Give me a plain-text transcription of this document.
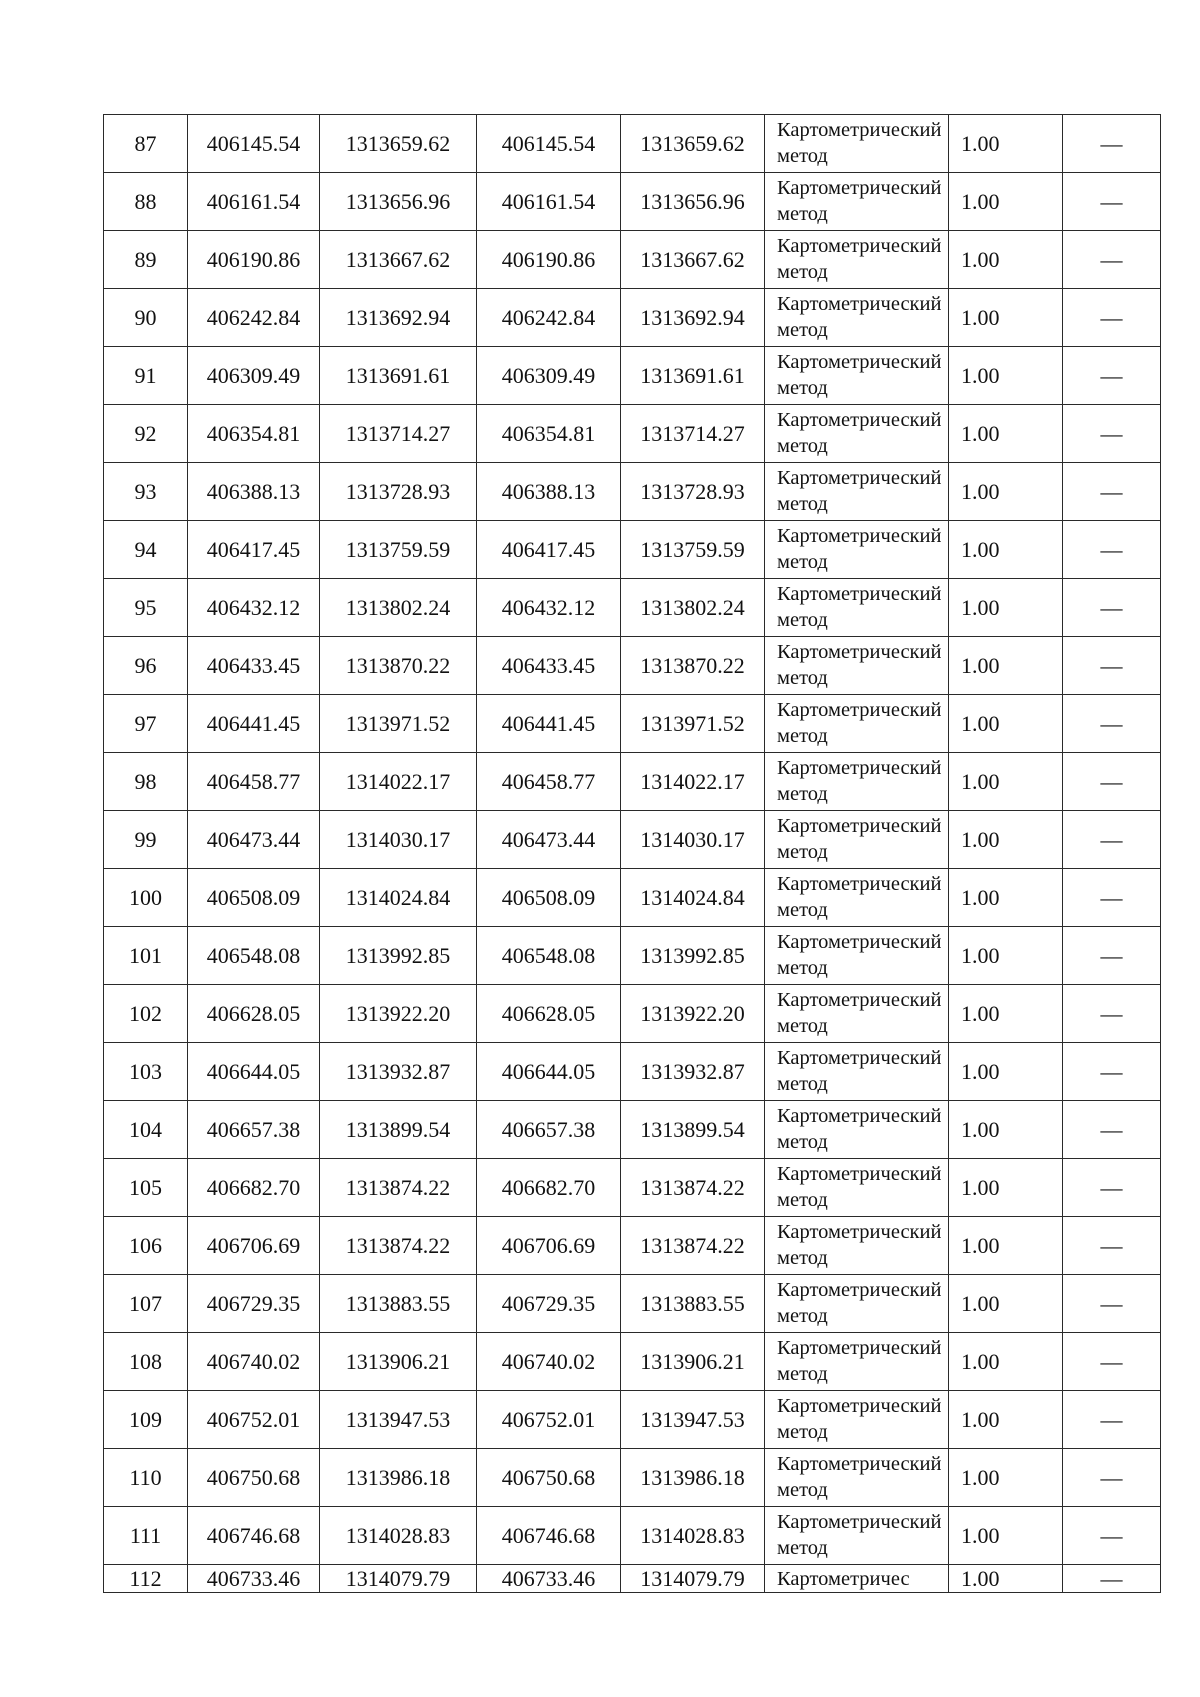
87	406145.54	1313659.62	406145.54	1313659.62	Картометрический метод	1.00	—
88	406161.54	1313656.96	406161.54	1313656.96	Картометрический метод	1.00	—
89	406190.86	1313667.62	406190.86	1313667.62	Картометрический метод	1.00	—
90	406242.84	1313692.94	406242.84	1313692.94	Картометрический метод	1.00	—
91	406309.49	1313691.61	406309.49	1313691.61	Картометрический метод	1.00	—
92	406354.81	1313714.27	406354.81	1313714.27	Картометрический метод	1.00	—
93	406388.13	1313728.93	406388.13	1313728.93	Картометрический метод	1.00	—
94	406417.45	1313759.59	406417.45	1313759.59	Картометрический метод	1.00	—
95	406432.12	1313802.24	406432.12	1313802.24	Картометрический метод	1.00	—
96	406433.45	1313870.22	406433.45	1313870.22	Картометрический метод	1.00	—
97	406441.45	1313971.52	406441.45	1313971.52	Картометрический метод	1.00	—
98	406458.77	1314022.17	406458.77	1314022.17	Картометрический метод	1.00	—
99	406473.44	1314030.17	406473.44	1314030.17	Картометрический метод	1.00	—
100	406508.09	1314024.84	406508.09	1314024.84	Картометрический метод	1.00	—
101	406548.08	1313992.85	406548.08	1313992.85	Картометрический метод	1.00	—
102	406628.05	1313922.20	406628.05	1313922.20	Картометрический метод	1.00	—
103	406644.05	1313932.87	406644.05	1313932.87	Картометрический метод	1.00	—
104	406657.38	1313899.54	406657.38	1313899.54	Картометрический метод	1.00	—
105	406682.70	1313874.22	406682.70	1313874.22	Картометрический метод	1.00	—
106	406706.69	1313874.22	406706.69	1313874.22	Картометрический метод	1.00	—
107	406729.35	1313883.55	406729.35	1313883.55	Картометрический метод	1.00	—
108	406740.02	1313906.21	406740.02	1313906.21	Картометрический метод	1.00	—
109	406752.01	1313947.53	406752.01	1313947.53	Картометрический метод	1.00	—
110	406750.68	1313986.18	406750.68	1313986.18	Картометрический метод	1.00	—
111	406746.68	1314028.83	406746.68	1314028.83	Картометрический метод	1.00	—
112	406733.46	1314079.79	406733.46	1314079.79	Картометричес	1.00	—
